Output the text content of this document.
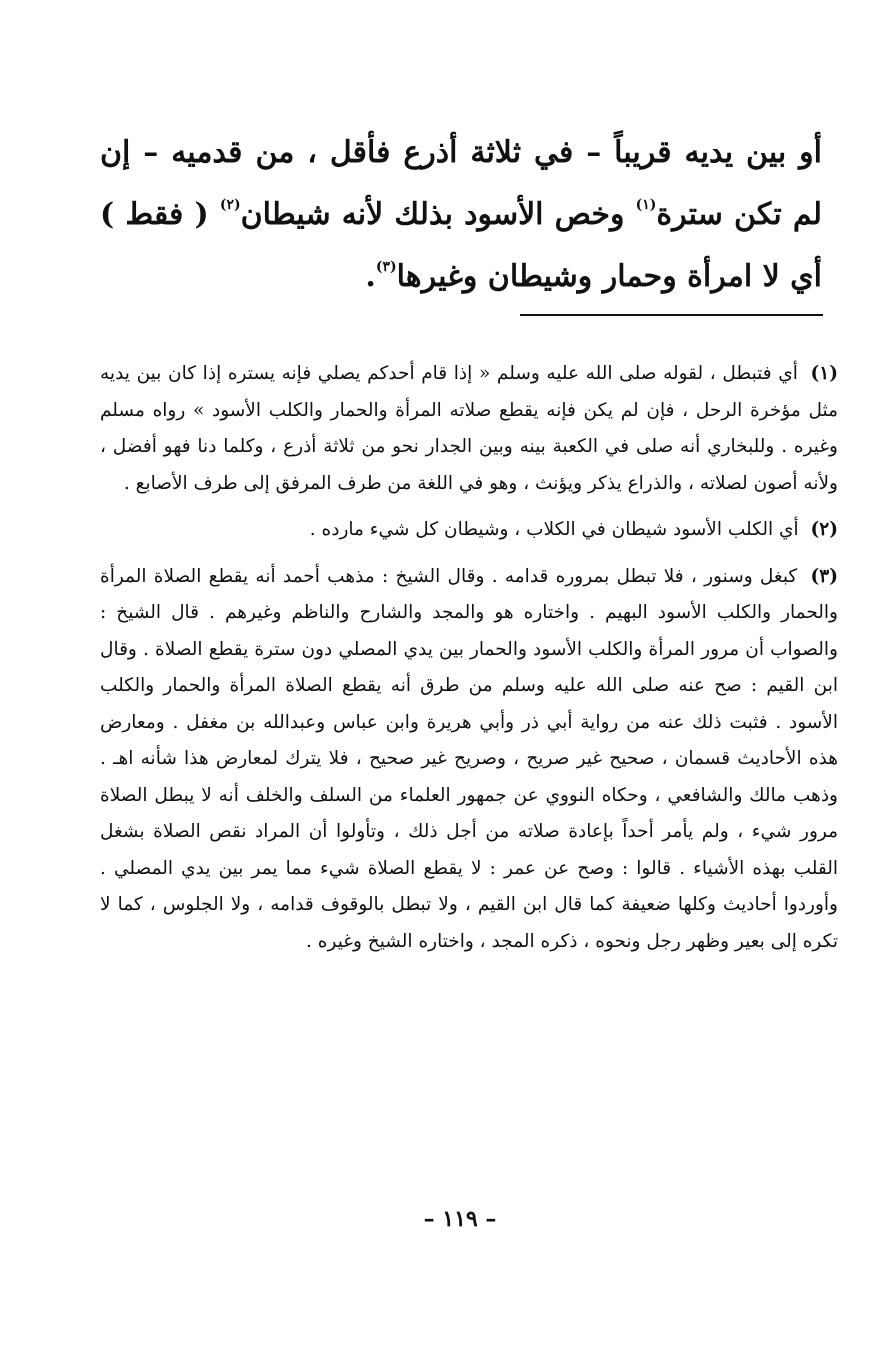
أو بين يديه قريباً – في ثلاثة أذرع فأقل ، من قدميه – إن لم تكن سترة$^{(١)}$ وخص الأسود بذلك لأنه شيطان$^{(٢)}$ ( فقط ) أي لا امرأة وحمار وشيطان وغيرها$^{(٣)}$.

(١) أي فتبطل ، لقوله صلى الله عليه وسلم « إذا قام أحدكم يصلي فإنه يستره إذا كان بين يديه مثل مؤخرة الرحل ، فإن لم يكن فإنه يقطع صلاته المرأة والحمار والكلب الأسود » رواه مسلم وغيره . وللبخاري أنه صلى في الكعبة بينه وبين الجدار نحو من ثلاثة أذرع ، وكلما دنا فهو أفضل ، ولأنه أصون لصلاته ، والذراع يذكر ويؤنث ، وهو في اللغة من طرف المرفق إلى طرف الأصابع .

(٢) أي الكلب الأسود شيطان في الكلاب ، وشيطان كل شيء مارده .

(٣) كبغل وسنور ، فلا تبطل بمروره قدامه . وقال الشيخ : مذهب أحمد أنه يقطع الصلاة المرأة والحمار والكلب الأسود البهيم . واختاره هو والمجد والشارح والناظم وغيرهم . قال الشيخ : والصواب أن مرور المرأة والكلب الأسود والحمار بين يدي المصلي دون سترة يقطع الصلاة . وقال ابن القيم : صح عنه صلى الله عليه وسلم من طرق أنه يقطع الصلاة المرأة والحمار والكلب الأسود . فثبت ذلك عنه من رواية أبي ذر وأبي هريرة وابن عباس وعبدالله بن مغفل . ومعارض هذه الأحاديث قسمان ، صحيح غير صريح ، وصريح غير صحيح ، فلا يترك لمعارض هذا شأنه اهـ . وذهب مالك والشافعي ، وحكاه النووي عن جمهور العلماء من السلف والخلف أنه لا يبطل الصلاة مرور شيء ، ولم يأمر أحداً بإعادة صلاته من أجل ذلك ، وتأولوا أن المراد نقص الصلاة بشغل القلب بهذه الأشياء . قالوا : وصح عن عمر : لا يقطع الصلاة شيء مما يمر بين يدي المصلي . وأوردوا أحاديث وكلها ضعيفة كما قال ابن القيم ، ولا تبطل بالوقوف قدامه ، ولا الجلوس ، كما لا تكره إلى بعير وظهر رجل ونحوه ، ذكره المجد ، واختاره الشيخ وغيره .

– ١١٩ –
